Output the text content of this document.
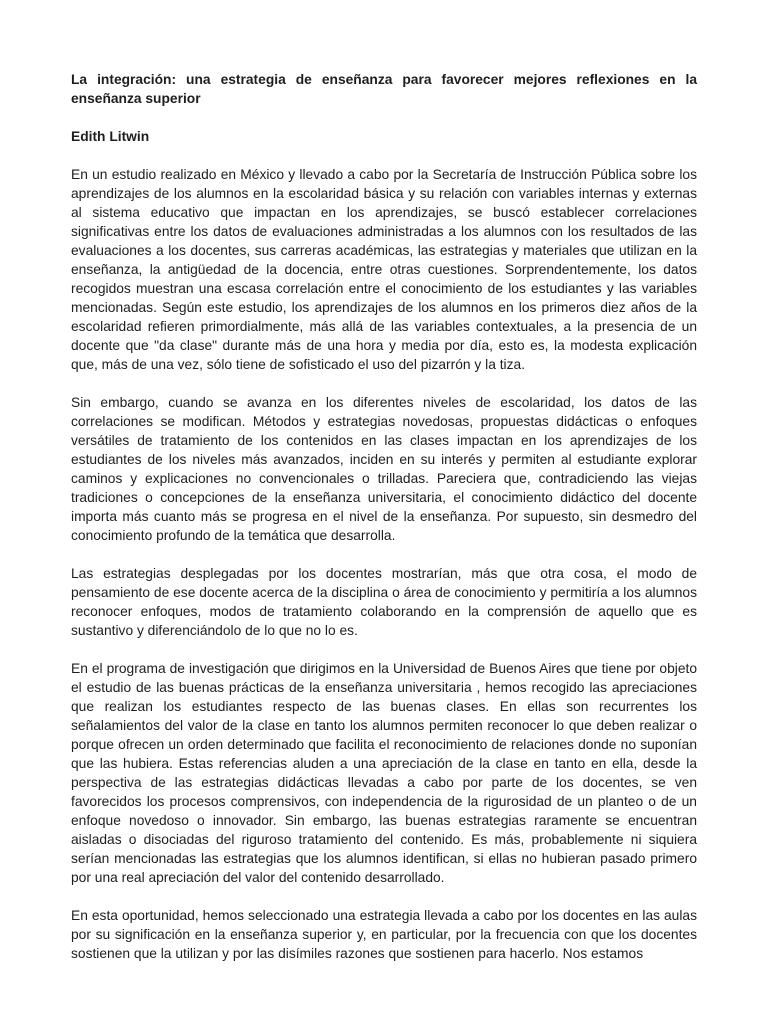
La integración: una estrategia de enseñanza para favorecer mejores reflexiones en la enseñanza superior
Edith Litwin
En un estudio realizado en México y llevado a cabo por la Secretaría de Instrucción Pública sobre los aprendizajes de los alumnos en la escolaridad básica y su relación con variables internas y externas al sistema educativo que impactan en los aprendizajes, se buscó establecer correlaciones significativas entre los datos de evaluaciones administradas a los alumnos con los resultados de las evaluaciones a los docentes, sus carreras académicas, las estrategias y materiales que utilizan en la enseñanza, la antigüedad de la docencia, entre otras cuestiones. Sorprendentemente, los datos recogidos muestran una escasa correlación entre el conocimiento de los estudiantes y las variables mencionadas. Según este estudio, los aprendizajes de los alumnos en los primeros diez años de la escolaridad refieren primordialmente, más allá de las variables contextuales, a la presencia de un docente que "da clase" durante más de una hora y media por día, esto es, la modesta explicación que, más de una vez, sólo tiene de sofisticado el uso del pizarrón y la tiza.
Sin embargo, cuando se avanza en los diferentes niveles de escolaridad, los datos de las correlaciones se modifican. Métodos y estrategias novedosas, propuestas didácticas o enfoques versátiles de tratamiento de los contenidos en las clases impactan en los aprendizajes de los estudiantes de los niveles más avanzados, inciden en su interés y permiten al estudiante explorar caminos y explicaciones no convencionales o trilladas. Pareciera que, contradiciendo las viejas tradiciones o concepciones de la enseñanza universitaria, el conocimiento didáctico del docente importa más cuanto más se progresa en el nivel de la enseñanza. Por supuesto, sin desmedro del conocimiento profundo de la temática que desarrolla.
Las estrategias desplegadas por los docentes mostrarían, más que otra cosa, el modo de pensamiento de ese docente acerca de la disciplina o área de conocimiento y permitiría a los alumnos reconocer enfoques, modos de tratamiento colaborando en la comprensión de aquello que es sustantivo y diferenciándolo de lo que no lo es.
En el programa de investigación que dirigimos en la Universidad de Buenos Aires que tiene por objeto el estudio de las buenas prácticas de la enseñanza universitaria , hemos recogido las apreciaciones que realizan los estudiantes respecto de las buenas clases. En ellas son recurrentes los señalamientos del valor de la clase en tanto los alumnos permiten reconocer lo que deben realizar o porque ofrecen un orden determinado que facilita el reconocimiento de relaciones donde no suponían que las hubiera. Estas referencias aluden a una apreciación de la clase en tanto en ella, desde la perspectiva de las estrategias didácticas llevadas a cabo por parte de los docentes, se ven favorecidos los procesos comprensivos, con independencia de la rigurosidad de un planteo o de un enfoque novedoso o innovador. Sin embargo, las buenas estrategias raramente se encuentran aisladas o disociadas del riguroso tratamiento del contenido. Es más, probablemente ni siquiera serían mencionadas las estrategias que los alumnos identifican, si ellas no hubieran pasado primero por una real apreciación del valor del contenido desarrollado.
En esta oportunidad, hemos seleccionado una estrategia llevada a cabo por los docentes en las aulas por su significación en la enseñanza superior y, en particular, por la frecuencia con que los docentes sostienen que la utilizan y por las disímiles razones que sostienen para hacerlo. Nos estamos
